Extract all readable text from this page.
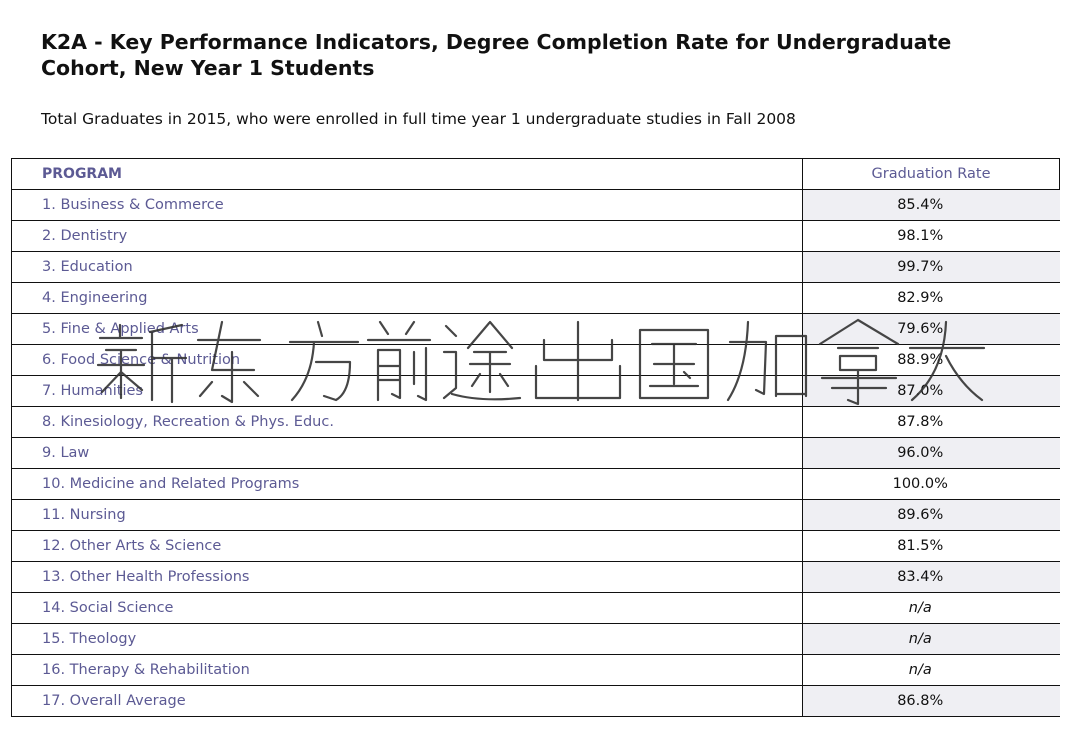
K2A - Key Performance Indicators, Degree Completion Rate for Undergraduate Cohort, New Year 1 Students

Total Graduates in 2015, who were enrolled in full time year 1 undergraduate studies in Fall 2008

PROGRAM	Graduation Rate
1. Business & Commerce	85.4%
2. Dentistry	98.1%
3. Education	99.7%
4. Engineering	82.9%
5. Fine & Applied Arts	79.6%
6. Food Science & Nutrition	88.9%
7. Humanities	87.0%
8. Kinesiology, Recreation & Phys. Educ.	87.8%
9. Law	96.0%
10. Medicine and Related Programs	100.0%
11. Nursing	89.6%
12. Other Arts & Science	81.5%
13. Other Health Professions	83.4%
14. Social Science	n/a
15. Theology	n/a
16. Therapy & Rehabilitation	n/a
17. Overall Average	86.8%
